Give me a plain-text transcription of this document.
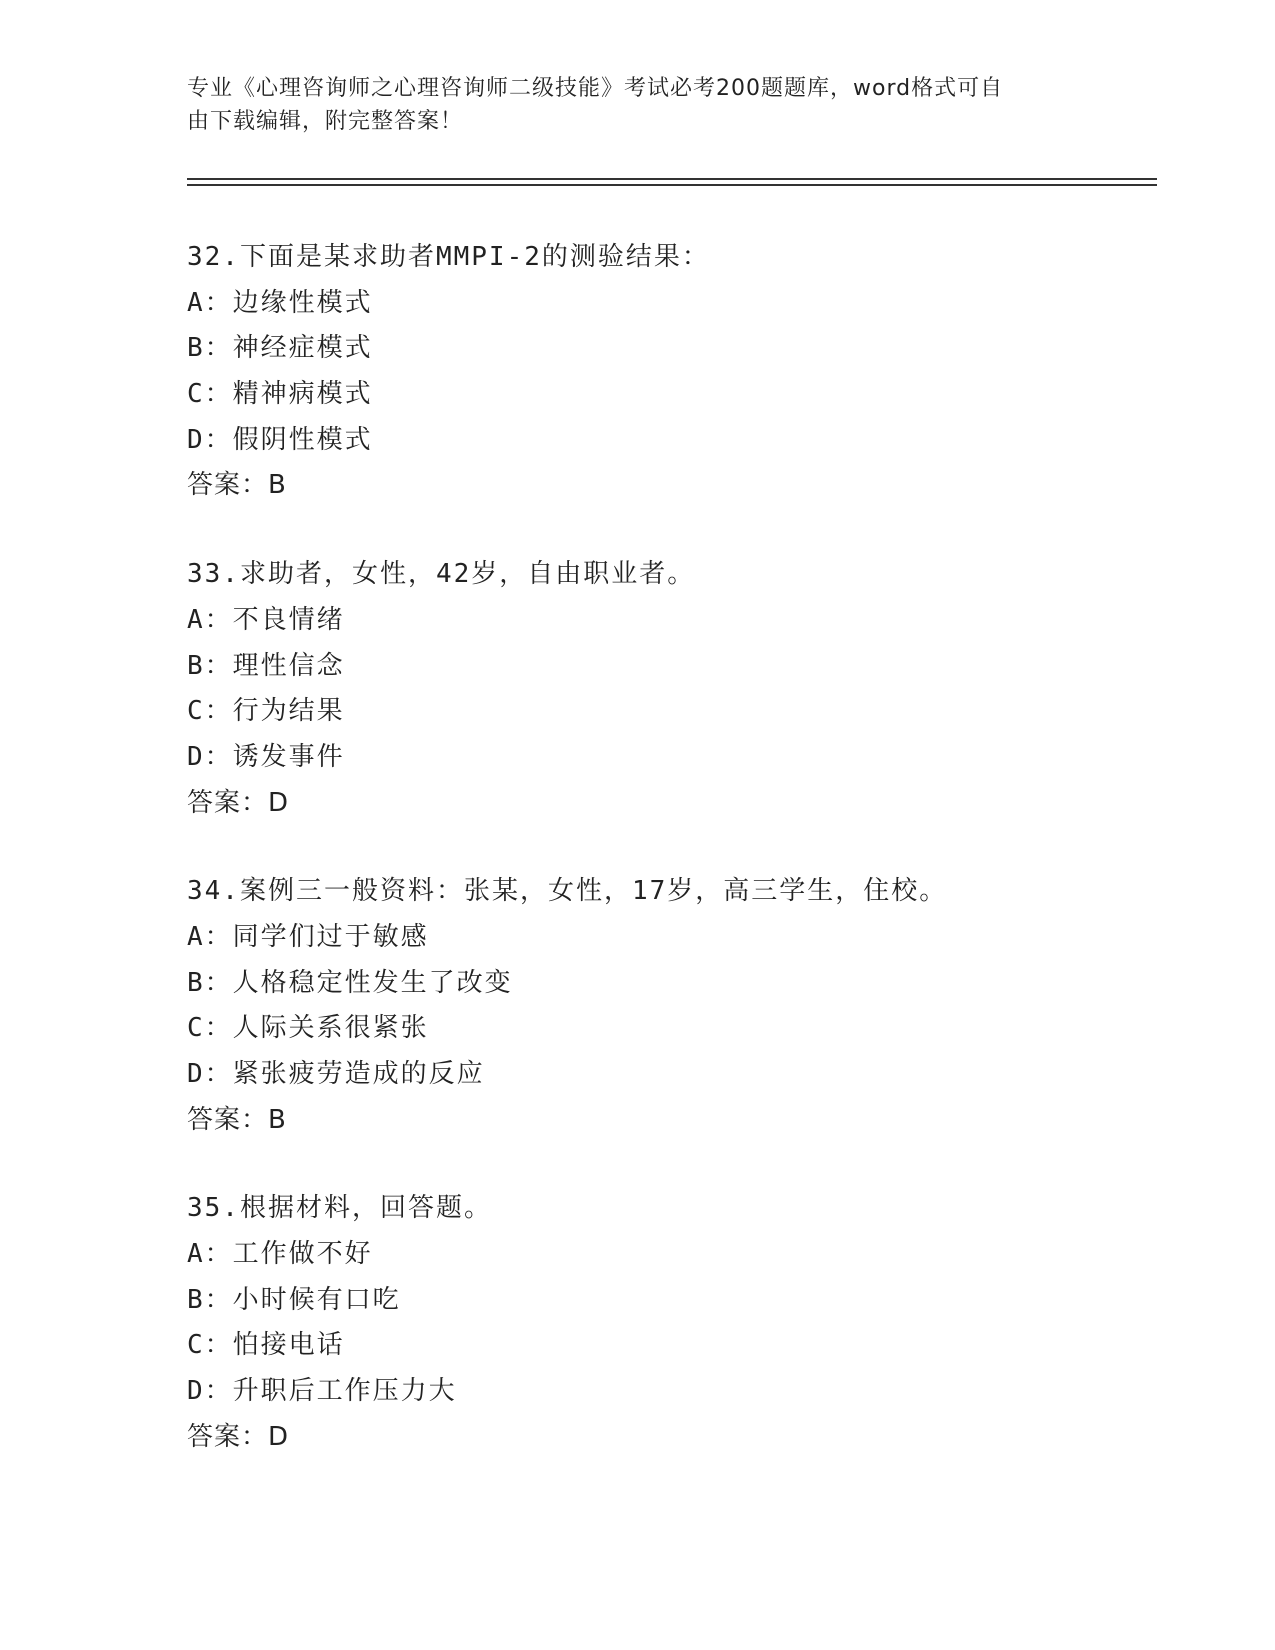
专业《心理咨询师之心理咨询师二级技能》考试必考200题题库，word格式可自
由下载编辑，附完整答案！
32.下面是某求助者MMPI-2的测验结果：
A：边缘性模式
B：神经症模式
C：精神病模式
D：假阴性模式
答案：B
33.求助者，女性，42岁，自由职业者。
A：不良情绪
B：理性信念
C：行为结果
D：诱发事件
答案：D
34.案例三一般资料：张某，女性，17岁，高三学生，住校。
A：同学们过于敏感
B：人格稳定性发生了改变
C：人际关系很紧张
D：紧张疲劳造成的反应
答案：B
35.根据材料，回答题。
A：工作做不好
B：小时候有口吃
C：怕接电话
D：升职后工作压力大
答案：D
